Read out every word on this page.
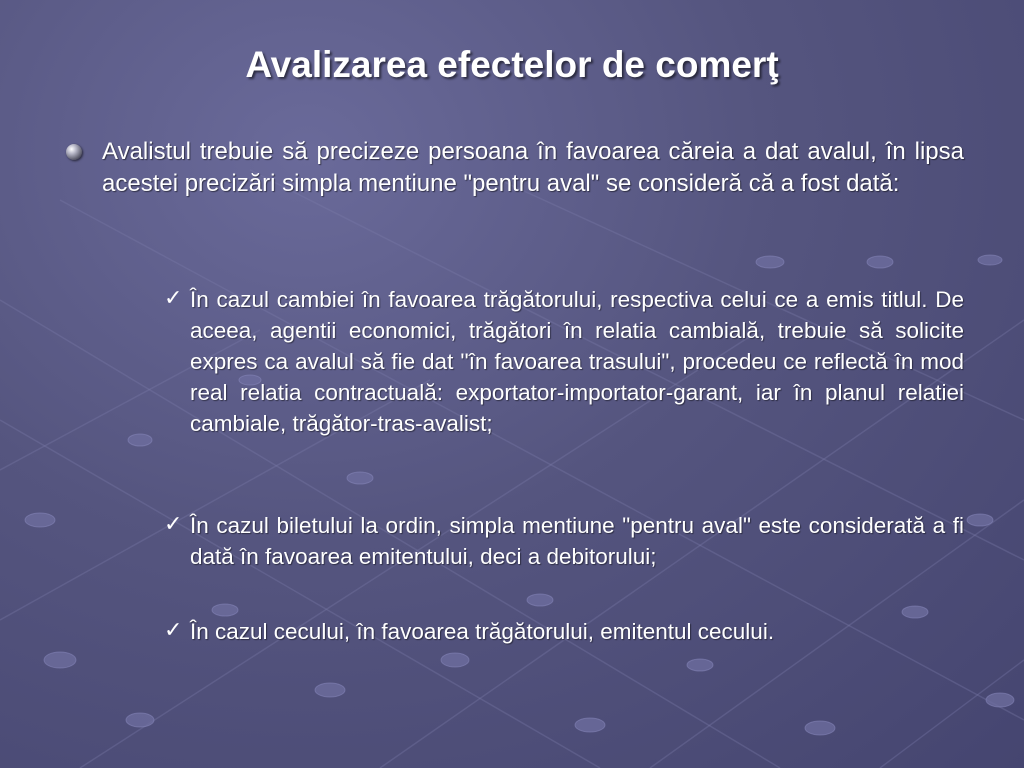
Avalizarea efectelor de comerţ
Avalistul trebuie să precizeze persoana în favoarea căreia a dat avalul, în lipsa acestei precizări simpla mentiune "pentru aval" se consideră că a fost dată:
✓ În cazul cambiei în favoarea trăgătorului, respectiva celui ce a emis titlul. De aceea, agentii economici, trăgători în relatia cambială, trebuie să solicite expres ca avalul să fie dat ''în favoarea trasului", procedeu ce reflectă în mod real relatia contractuală: exportator-importator-garant, iar în planul relatiei cambiale, trăgător-tras-avalist;
✓ În cazul biletului la ordin, simpla mentiune "pentru aval" este considerată a fi dată în favoarea emitentului, deci a debitorului;
✓ În cazul cecului, în favoarea trăgătorului, emitentul cecului.
